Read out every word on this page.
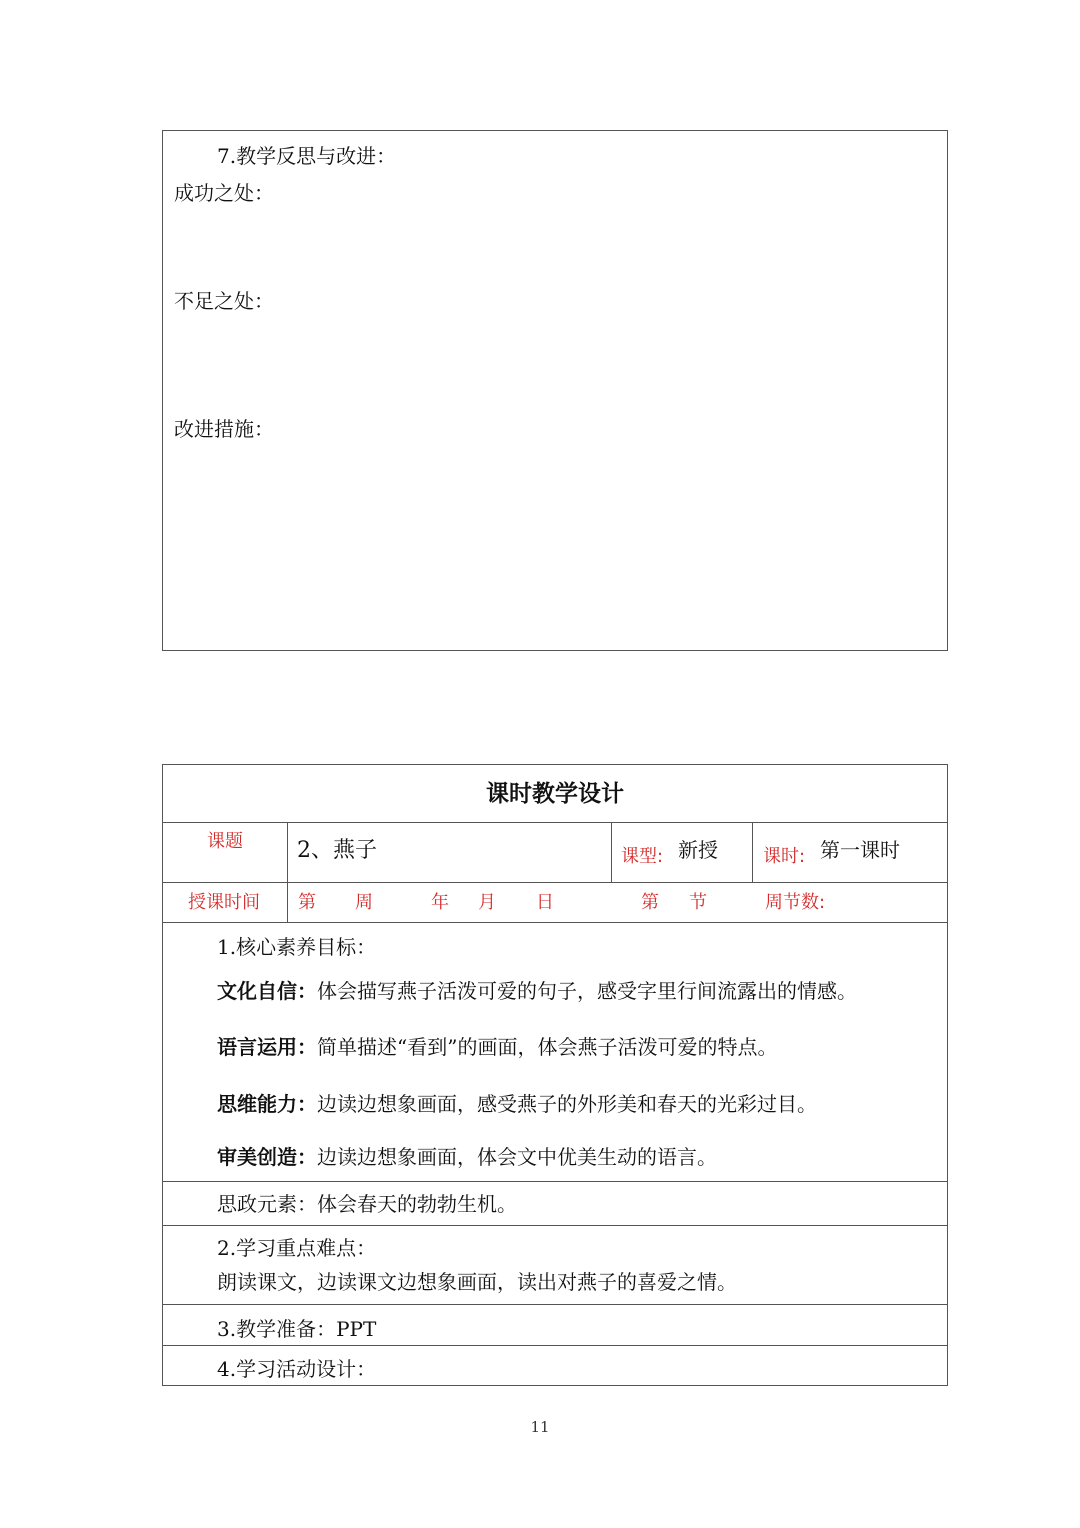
7.教学反思与改进：
成功之处：
不足之处：
改进措施：
课时教学设计
课题 2、燕子	课型: 新授	课时: 第一课时
授课时间 第 周	年 月 日	第 节	周节数:
1.核心素养目标：
文化自信：体会描写燕子活泼可爱的句子，感受字里行间流露出的情感。
语言运用：简单描述“看到”的画面，体会燕子活泼可爱的特点。
思维能力：边读边想象画面，感受燕子的外形美和春天的光彩过目。
审美创造：边读边想象画面，体会文中优美生动的语言。
思政元素：体会春天的勃勃生机。
2.学习重点难点：
朗读课文，边读课文边想象画面，读出对燕子的喜爱之情。
3.教学准备：PPT
4.学习活动设计：
11
